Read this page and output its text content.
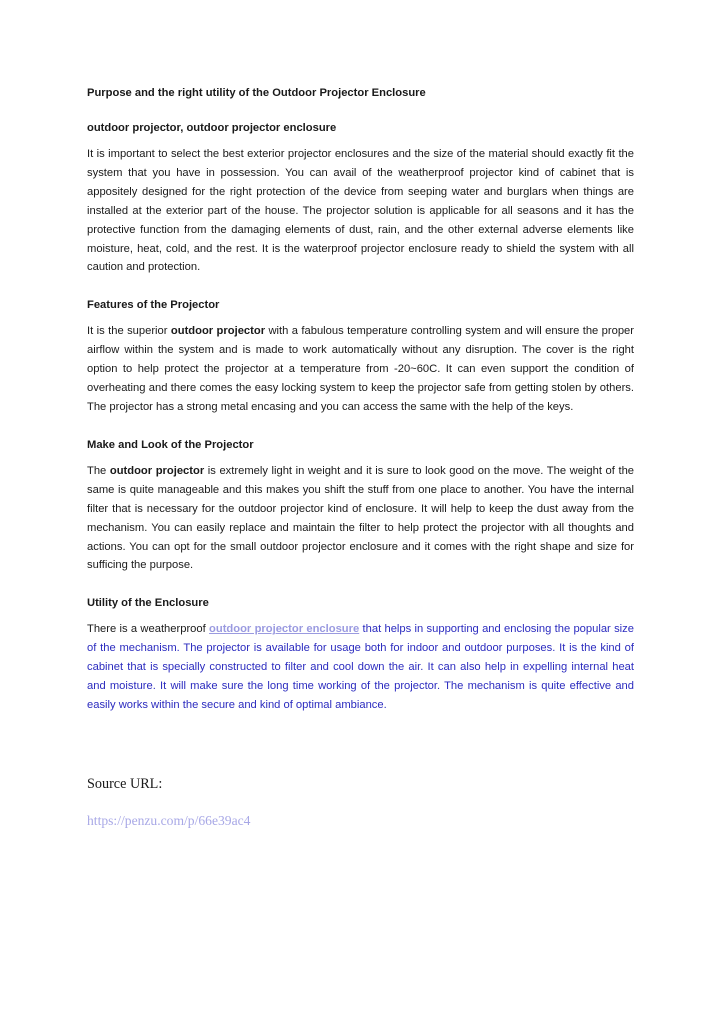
Purpose and the right utility of the Outdoor Projector Enclosure
outdoor projector, outdoor projector enclosure

It is important to select the best exterior projector enclosures and the size of the material should exactly fit the system that you have in possession. You can avail of the weatherproof projector kind of cabinet that is appositely designed for the right protection of the device from seeping water and burglars when things are installed at the exterior part of the house. The projector solution is applicable for all seasons and it has the protective function from the damaging elements of dust, rain, and the other external adverse elements like moisture, heat, cold, and the rest. It is the waterproof projector enclosure ready to shield the system with all caution and protection.

Features of the Projector

It is the superior outdoor projector with a fabulous temperature controlling system and will ensure the proper airflow within the system and is made to work automatically without any disruption. The cover is the right option to help protect the projector at a temperature from -20~60C. It can even support the condition of overheating and there comes the easy locking system to keep the projector safe from getting stolen by others. The projector has a strong metal encasing and you can access the same with the help of the keys.

Make and Look of the Projector

The outdoor projector is extremely light in weight and it is sure to look good on the move. The weight of the same is quite manageable and this makes you shift the stuff from one place to another. You have the internal filter that is necessary for the outdoor projector kind of enclosure. It will help to keep the dust away from the mechanism. You can easily replace and maintain the filter to help protect the projector with all thoughts and actions. You can opt for the small outdoor projector enclosure and it comes with the right shape and size for sufficing the purpose.

Utility of the Enclosure

There is a weatherproof outdoor projector enclosure that helps in supporting and enclosing the popular size of the mechanism. The projector is available for usage both for indoor and outdoor purposes. It is the kind of cabinet that is specially constructed to filter and cool down the air. It can also help in expelling internal heat and moisture. It will make sure the long time working of the projector. The mechanism is quite effective and easily works within the secure and kind of optimal ambiance.

Source URL:
https://penzu.com/p/66e39ac4
